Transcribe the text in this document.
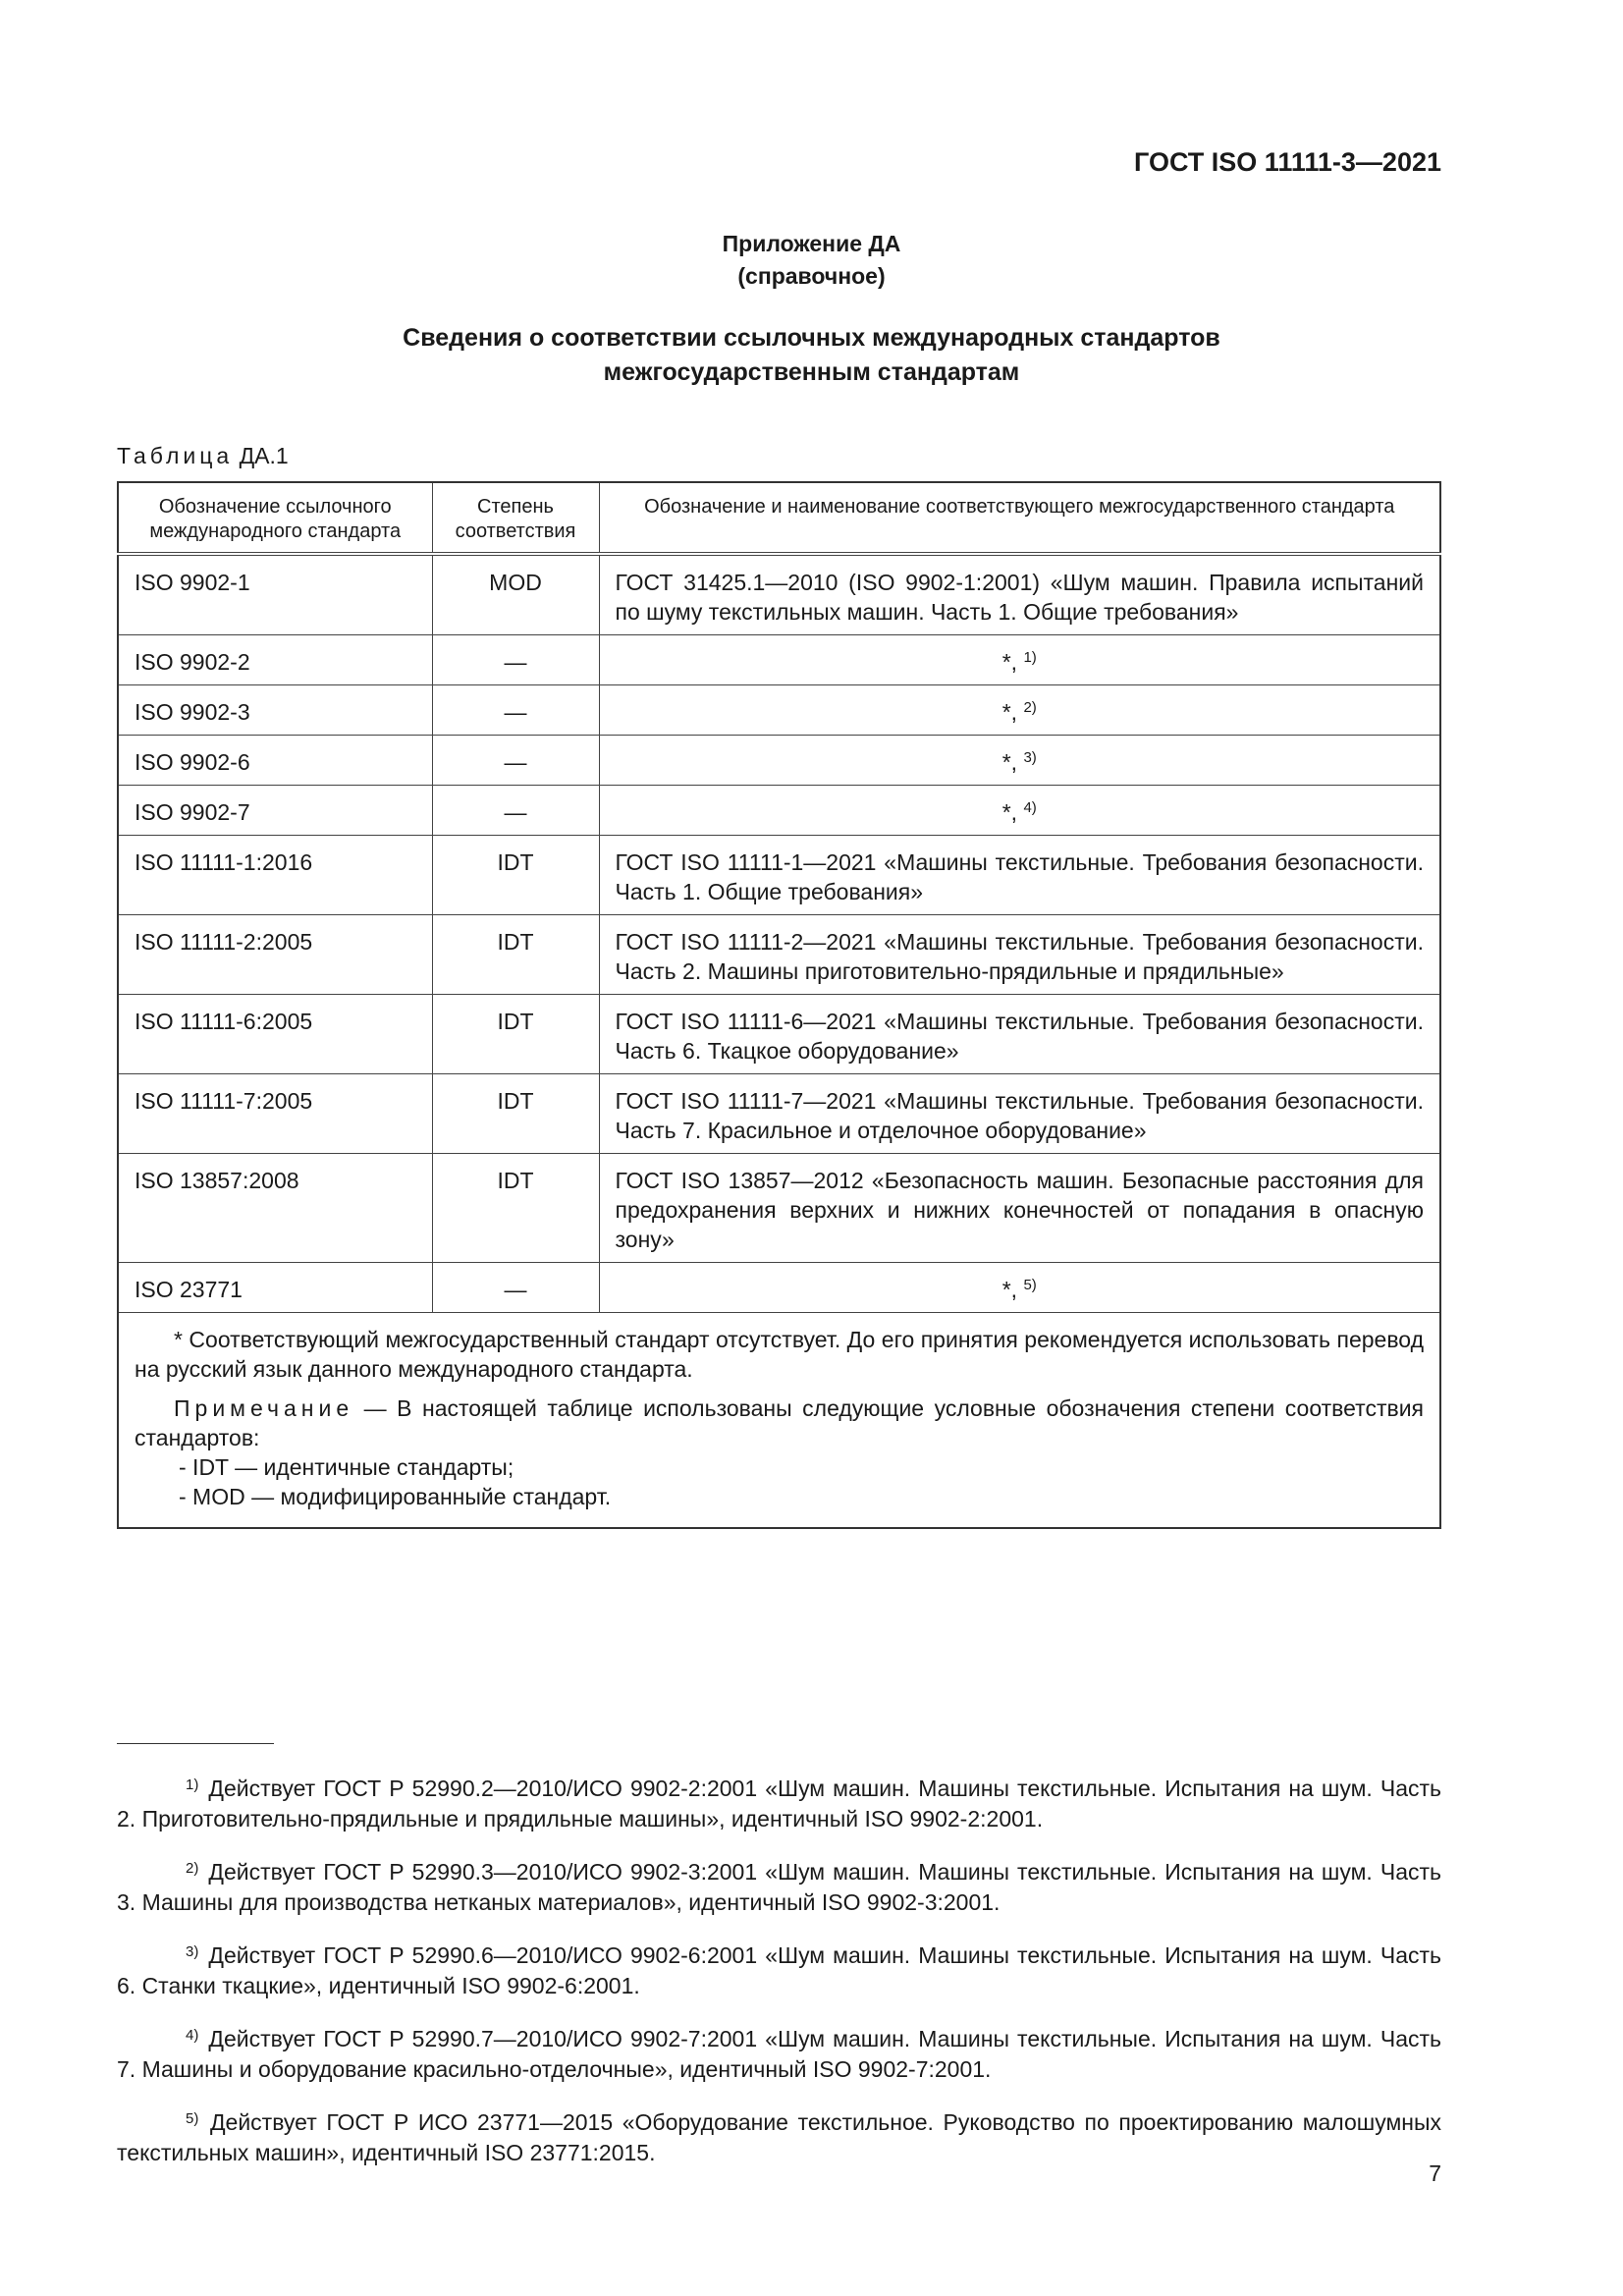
ГОСТ ISO 11111-3—2021
Приложение ДА
(справочное)
Сведения о соответствии ссылочных международных стандартов
межгосударственным стандартам
Таблица ДА.1
Обозначение ссылочного международного стандарта	Степень соответствия	Обозначение и наименование соответствующего межгосударственного стандарта
ISO 9902-1	MOD	ГОСТ 31425.1—2010 (ISO 9902-1:2001) «Шум машин. Правила испытаний по шуму текстильных машин. Часть 1. Общие требования»
ISO 9902-2	—	*, $^{1)}$
ISO 9902-3	—	*, $^{2)}$
ISO 9902-6	—	*, $^{3)}$
ISO 9902-7	—	*, $^{4)}$
ISO 11111-1:2016	IDT	ГОСТ ISO 11111-1—2021 «Машины текстильные. Требования безопасности. Часть 1. Общие требования»
ISO 11111-2:2005	IDT	ГОСТ ISO 11111-2—2021 «Машины текстильные. Требования безопасности. Часть 2. Машины приготовительно-прядильные и прядильные»
ISO 11111-6:2005	IDT	ГОСТ ISO 11111-6—2021 «Машины текстильные. Требования безопасности. Часть 6. Ткацкое оборудование»
ISO 11111-7:2005	IDT	ГОСТ ISO 11111-7—2021 «Машины текстильные. Требования безопасности. Часть 7. Красильное и отделочное оборудование»
ISO 13857:2008	IDT	ГОСТ ISO 13857—2012 «Безопасность машин. Безопасные расстояния для предохранения верхних и нижних конечностей от попадания в опасную зону»
ISO 23771	—	*, $^{5)}$

* Соответствующий межгосударственный стандарт отсутствует. До его принятия рекомендуется использовать перевод на русский язык данного международного стандарта.

Примечание — В настоящей таблице использованы следующие условные обозначения степени соответствия стандартов:

- IDT — идентичные стандарты;

- MOD — модифицированныйе стандарт.		

$^{1)}$ Действует ГОСТ Р 52990.2—2010/ИСО 9902-2:2001 «Шум машин. Машины текстильные. Испытания на шум. Часть 2. Приготовительно-прядильные и прядильные машины», идентичный ISO 9902-2:2001.

$^{2)}$ Действует ГОСТ Р 52990.3—2010/ИСО 9902-3:2001 «Шум машин. Машины текстильные. Испытания на шум. Часть 3. Машины для производства нетканых материалов», идентичный ISO 9902-3:2001.

$^{3)}$ Действует ГОСТ Р 52990.6—2010/ИСО 9902-6:2001 «Шум машин. Машины текстильные. Испытания на шум. Часть 6. Станки ткацкие», идентичный ISO 9902-6:2001.

$^{4)}$ Действует ГОСТ Р 52990.7—2010/ИСО 9902-7:2001 «Шум машин. Машины текстильные. Испытания на шум. Часть 7. Машины и оборудование красильно-отделочные», идентичный ISO 9902-7:2001.

$^{5)}$ Действует ГОСТ Р ИСО 23771—2015 «Оборудование текстильное. Руководство по проектированию малошумных текстильных машин», идентичный ISO 23771:2015.

7
